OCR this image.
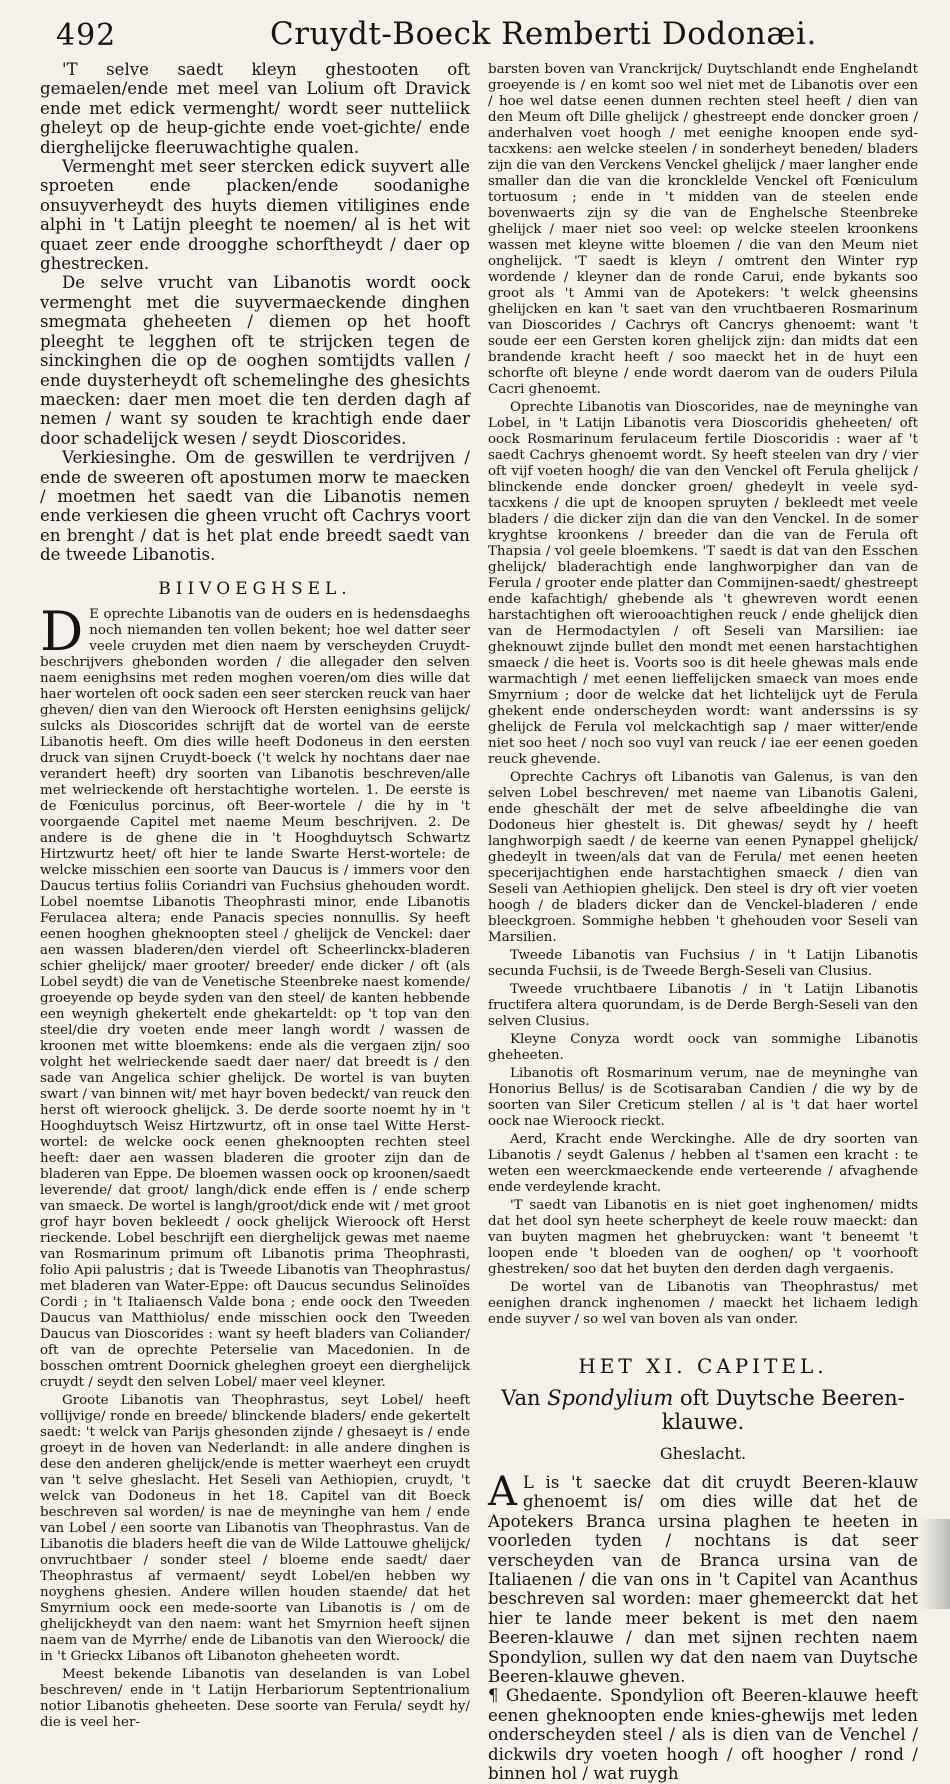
492	Cruydt-Boeck Remberti Dodonæi.
'T selve saedt kleyn ghestooten oft gemaelen/ende met meel van Lolium oft Dravick ende met edick vermenght/ wordt seer nutteliick gheleyt op de heup-gichte ende voet-gichte/ ende dierghelijcke fleeruwachtighe qualen.
Vermenght met seer stercken edick suyvert alle sproeten ende placken/ende soodanighe onsuyverheydt des huyts diemen vitiligines ende alphi in 't Latijn pleeght te noemen/ al is het wit quaet zeer ende droogghe schorftheydt / daer op ghestrecken.
De selve vrucht van Libanotis wordt oock vermenght met die suyvermaeckende dinghen smegmata gheheeten / diemen op het hooft pleeght te legghen oft te strijcken tegen de sinckinghen die op de ooghen somtijdts vallen / ende duysterheydt oft schemelinghe des ghesichts maecken: daer men moet die ten derden dagh af nemen / want sy souden te krachtigh ende daer door schadelijck wesen / seydt Dioscorides.
Verkiesinghe. Om de geswillen te verdrijven / ende de sweeren oft apostumen morw te maecken / moetmen het saedt van die Libanotis nemen ende verkiesen die gheen vrucht oft Cachrys voort en brenght / dat is het plat ende breedt saedt van de tweede Libanotis.
BIIVOEGHSEL.
D E oprechte Libanotis van de ouders en is hedensdaeghs noch niemanden ten vollen bekent; hoe wel datter seer veele cruyden met dien naem by verscheyden Cruydt-beschrijvers ghebonden worden / die allegader den selven naem eenighsins met reden moghen voeren/om dies wille dat haer wortelen oft oock saden een seer stercken reuck van haer gheven/ dien van den Wieroock oft Hersten eenighsins gelijck/ sulcks als Dioscorides schrijft dat de wortel van de eerste Libanotis heeft. Om dies wille heeft Dodoneus in den eersten druck van sijnen Cruydt-boeck ('t welck hy nochtans daer nae verandert heeft) dry soorten van Libanotis beschreven/alle met welrieckende oft herstachtighe wortelen. 1. De eerste is de Fœniculus porcinus, oft Beer-wortele / die hy in 't voorgaende Capitel met naeme Meum beschrijven. 2. De andere is de ghene die in 't Hooghduytsch Schwartz Hirtzwurtz heet/ oft hier te lande Swarte Herst-wortele: de welcke misschien een soorte van Daucus is / immers voor den Daucus tertius foliis Coriandri van Fuchsius ghehouden wordt. Lobel noemtse Libanotis Theophrasti minor, ende Libanotis Ferulacea altera; ende Panacis species nonnullis. Sy heeft eenen hooghen gheknoopten steel / ghelijck de Venckel: daer aen wassen bladeren/den vierdel oft Scheerlinckx-bladeren schier ghelijck/ maer grooter/ breeder/ ende dicker / oft (als Lobel seydt) die van de Venetische Steenbreke naest komende/ groeyende op beyde syden van den steel/ de kanten hebbende een weynigh ghekertelt ende ghekarteldt: op 't top van den steel/die dry voeten ende meer langh wordt / wassen de kroonen met witte bloemkens: ende als die vergaen zijn/ soo volght het welrieckende saedt daer naer/ dat breedt is / den sade van Angelica schier ghelijck. De wortel is van buyten swart / van binnen wit/ met hayr boven bedeckt/ van reuck den herst oft wieroock ghelijck. 3. De derde soorte noemt hy in 't Hooghduytsch Weisz Hirtzwurtz, oft in onse tael Witte Herst-wortel: de welcke oock eenen gheknoopten rechten steel heeft: daer aen wassen bladeren die grooter zijn dan de bladeren van Eppe. De bloemen wassen oock op kroonen/saedt leverende/ dat groot/ langh/dick ende effen is / ende scherp van smaeck. De wortel is langh/groot/dick ende wit / met groot grof hayr boven bekleedt / oock ghelijck Wieroock oft Herst rieckende. Lobel beschrijft een dierghelijck gewas met naeme van Rosmarinum primum oft Libanotis prima Theophrasti, folio Apii palustris ; dat is Tweede Libanotis van Theophrastus/ met bladeren van Water-Eppe: oft Daucus secundus Selinoïdes Cordi ; in 't Italiaensch Valde bona ; ende oock den Tweeden Daucus van Matthiolus/ ende misschien oock den Tweeden Daucus van Dioscorides : want sy heeft bladers van Coliander/ oft van de oprechte Peterselie van Macedonien. In de bosschen omtrent Doornick gheleghen groeyt een dierghelijck cruydt / seydt den selven Lobel/ maer veel kleyner.
Groote Libanotis van Theophrastus, seyt Lobel/ heeft vollijvige/ ronde en breede/ blinckende bladers/ ende gekertelt saedt: 't welck van Parijs ghesonden zijnde / ghesaeyt is / ende groeyt in de hoven van Nederlandt: in alle andere dinghen is dese den anderen ghelijck/ende is metter waerheyt een cruydt van 't selve gheslacht. Het Seseli van Aethiopien, cruydt, 't welck van Dodoneus in het 18. Capitel van dit Boeck beschreven sal worden/ is nae de meyninghe van hem / ende van Lobel / een soorte van Libanotis van Theophrastus. Van de Libanotis die bladers heeft die van de Wilde Lattouwe ghelijck/ onvruchtbaer / sonder steel / bloeme ende saedt/ daer Theophrastus af vermaent/ seydt Lobel/en hebben wy noyghens ghesien. Andere willen houden staende/ dat het Smyrnium oock een mede-soorte van Libanotis is / om de ghelijckheydt van den naem: want het Smyrnion heeft sijnen naem van de Myrrhe/ ende de Libanotis van den Wieroock/ die in 't Grieckx Libanos oft Libanoton gheheeten wordt.
Meest bekende Libanotis van deselanden is van Lobel beschreven/ ende in 't Latijn Herbariorum Septentrionalium notior Libanotis gheheeten. Dese soorte van Ferula/ seydt hy/ die is veel her-
barsten boven van Vranckrijck/ Duytschlandt ende Enghelandt groeyende is / en komt soo wel niet met de Libanotis over een / hoe wel datse eenen dunnen rechten steel heeft / dien van den Meum oft Dille ghelijck / ghestreept ende doncker groen / anderhalven voet hoogh / met eenighe knoopen ende syd-tacxkens: aen welcke steelen / in sonderheyt beneden/ bladers zijn die van den Verckens Venckel ghelijck / maer langher ende smaller dan die van die kroncklelde Venckel oft Fœniculum tortuosum ; ende in 't midden van de steelen ende bovenwaerts zijn sy die van de Enghelsche Steenbreke ghelijck / maer niet soo veel: op welcke steelen kroonkens wassen met kleyne witte bloemen / die van den Meum niet onghelijck. 'T saedt is kleyn / omtrent den Winter ryp wordende / kleyner dan de ronde Carui, ende bykants soo groot als 't Ammi van de Apotekers: 't welck gheensins ghelijcken en kan 't saet van den vruchtbaeren Rosmarinum van Dioscorides / Cachrys oft Cancrys ghenoemt: want 't soude eer een Gersten koren ghelijck zijn: dan midts dat een brandende kracht heeft / soo maeckt het in de huyt een schorfte oft bleyne / ende wordt daerom van de ouders Pilula Cacri ghenoemt.
Oprechte Libanotis van Dioscorides, nae de meyninghe van Lobel, in 't Latijn Libanotis vera Dioscoridis gheheeten/ oft oock Rosmarinum ferulaceum fertile Dioscoridis : waer af 't saedt Cachrys ghenoemt wordt. Sy heeft steelen van dry / vier oft vijf voeten hoogh/ die van den Venckel oft Ferula ghelijck / blinckende ende doncker groen/ ghedeylt in veele syd-tacxkens / die upt de knoopen spruyten / bekleedt met veele bladers / die dicker zijn dan die van den Venckel. In de somer kryghtse kroonkens / breeder dan die van de Ferula oft Thapsia / vol geele bloemkens. 'T saedt is dat van den Esschen ghelijck/ bladerachtigh ende langhworpigher dan van de Ferula / grooter ende platter dan Commijnen-saedt/ ghestreept ende kafachtigh/ ghebende als 't ghewreven wordt eenen harstachtighen oft wierooachtighen reuck / ende ghelijck dien van de Hermodactylen / oft Seseli van Marsilien: iae gheknouwt zijnde bullet den mondt met eenen harstachtighen smaeck / die heet is. Voorts soo is dit heele ghewas mals ende warmachtigh / met eenen lieffelijcken smaeck van moes ende Smyrnium ; door de welcke dat het lichtelijck uyt de Ferula ghekent ende onderscheyden wordt: want anderssins is sy ghelijck de Ferula vol melckachtigh sap / maer witter/ende niet soo heet / noch soo vuyl van reuck / iae eer eenen goeden reuck ghevende.
Oprechte Cachrys oft Libanotis van Galenus, is van den selven Lobel beschreven/ met naeme van Libanotis Galeni, ende gheschält der met de selve afbeeldinghe die van Dodoneus hier ghestelt is. Dit ghewas/ seydt hy / heeft langhworpigh saedt / de keerne van eenen Pynappel ghelijck/ ghedeylt in tween/als dat van de Ferula/ met eenen heeten specerijachtighen ende harstachtighen smaeck / dien van Seseli van Aethiopien ghelijck. Den steel is dry oft vier voeten hoogh / de bladers dicker dan de Venckel-bladeren / ende bleeckgroen. Sommighe hebben 't ghehouden voor Seseli van Marsilien.
Tweede Libanotis van Fuchsius / in 't Latijn Libanotis secunda Fuchsii, is de Tweede Bergh-Seseli van Clusius.
Tweede vruchtbaere Libanotis / in 't Latijn Libanotis fructifera altera quorundam, is de Derde Bergh-Seseli van den selven Clusius.
Kleyne Conyza wordt oock van sommighe Libanotis gheheeten.
Libanotis oft Rosmarinum verum, nae de meyninghe van Honorius Bellus/ is de Scotisaraban Candien / die wy by de soorten van Siler Creticum stellen / al is 't dat haer wortel oock nae Wieroock rieckt.
Aerd, Kracht ende Werckinghe. Alle de dry soorten van Libanotis / seydt Galenus / hebben al t'samen een kracht : te weten een weerckmaeckende ende verteerende / afvaghende ende verdeylende kracht.
'T saedt van Libanotis en is niet goet inghenomen/ midts dat het dool syn heete scherpheyt de keele rouw maeckt: dan van buyten magmen het ghebruycken: want 't beneemt 't loopen ende 't bloeden van de ooghen/ op 't voorhooft ghestreken/ soo dat het buyten den derden dagh vergaenis.
De wortel van de Libanotis van Theophrastus/ met eenighen dranck inghenomen / maeckt het lichaem ledigh ende suyver / so wel van boven als van onder.
HET XI. CAPITEL.
Van Spondylium oft Duytsche Beeren-klauwe.
Gheslacht.
A L is 't saecke dat dit cruydt Beeren-klauw ghenoemt is/ om dies wille dat het de Apotekers Branca ursina plaghen te heeten in voorleden tyden / nochtans is dat seer verscheyden van de Branca ursina van de Italiaenen / die van ons in 't Capitel van Acanthus beschreven sal worden: maer ghemeerckt dat het hier te lande meer bekent is met den naem Beeren-klauwe / dan met sijnen rechten naem Spondylion, sullen wy dat den naem van Duytsche Beeren-klauwe gheven.
¶ Ghedaente. Spondylion oft Beeren-klauwe heeft eenen gheknoopten ende knies-ghewijs met leden onderscheyden steel / als is dien van de Venchel / dickwils dry voeten hoogh / oft hoogher / rond / binnen hol / wat ruygh
